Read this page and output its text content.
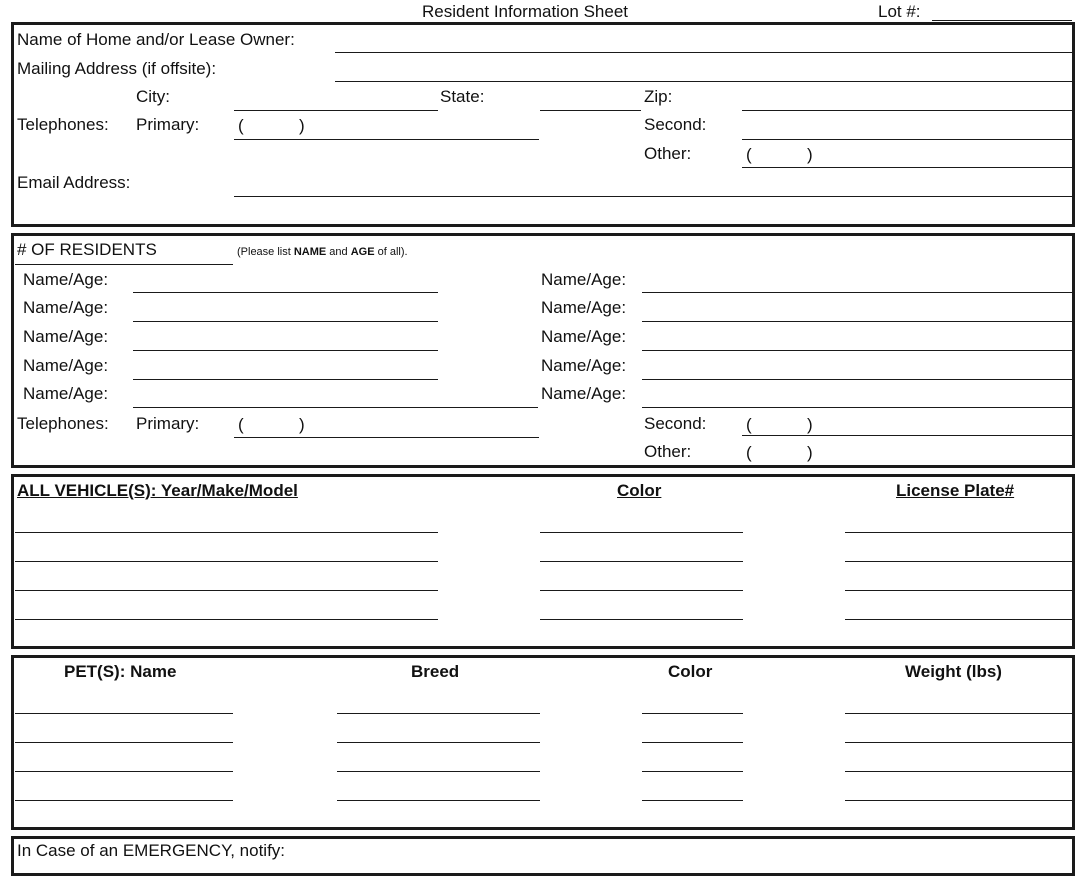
Resident Information Sheet	Lot #:
Name of Home and/or Lease Owner:
Mailing Address (if offsite):
City:	State:	Zip:
Telephones: Primary: (	)	Second:
Other:	(	)
Email Address:
# OF RESIDENTS	(Please list NAME and AGE of all).
Name/Age:
Name/Age:
Name/Age:
Name/Age:
Name/Age:
Name/Age:
Name/Age:
Name/Age:
Name/Age:
Name/Age:
Telephones: Primary: (	)	Second: (	)
Other:	(	)
ALL VEHICLE(S): Year/Make/Model	Color	License Plate#
PET(S): Name	Breed	Color	Weight (lbs)
In Case of an EMERGENCY, notify:
